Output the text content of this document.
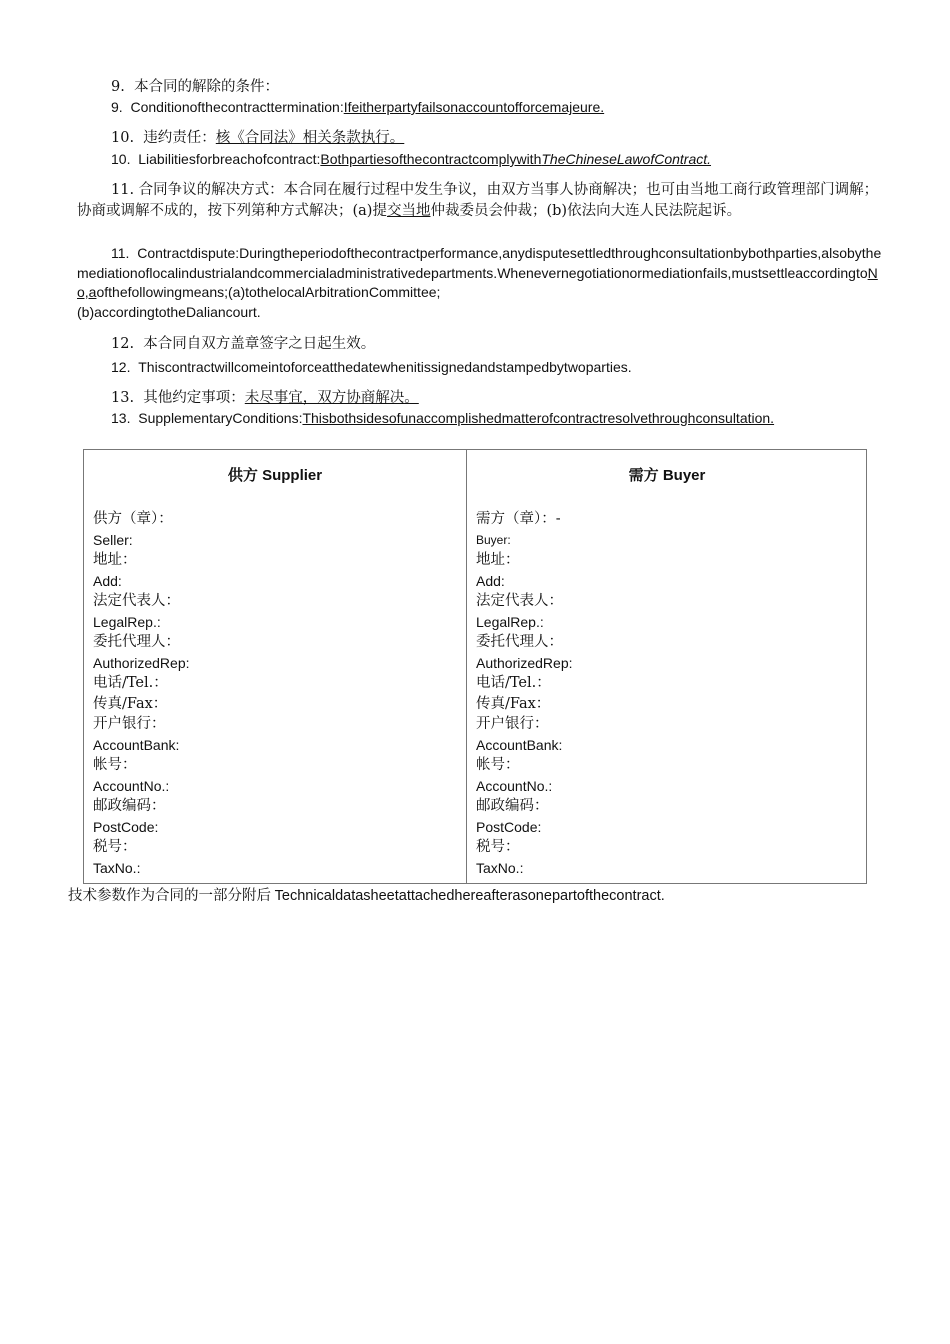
9. 本合同的解除的条件：
9. Conditionofthecontracttermination:Ifeitherpartyfailsonaccountofforcemajeure.
10. 违约责任：核《合同法》相关条款执行。
10. Liabilitiesforbreachofcontract:BothpartiesofthecontractcomplywithTheChineseLawofContract.
11. 合同争议的解决方式：本合同在履行过程中发生争议，由双方当事人协商解决；也可由当地工商行政管理部门调解；协商或调解不成的，按下列第种方式解决；(a)提交当地仲裁委员会仲裁；(b)依法向大连人民法院起诉。
11. Contractdispute:Duringtheperiodofthecontractperformance,anydisputesettledthroughconsultationbybothparties,alsobythemediationoflocalindustrialandcommercialadministrativedepartments.Whenevernegotiationormediationfails,mustsettleaccordingtoNo,aofthefollowingmeans;(a)tothelocalArbitrationCommittee;
(b)accordingtotheDaliancourt.
12. 本合同自双方盖章签字之日起生效。
12. Thiscontractwillcomeintoforceatthedatewhenitissignedandstampedbytwoparties.
13. 其他约定事项：未尽事宜，双方协商解决。
13. SupplementaryConditions:Thisbothsidesofunaccomplishedmatterofcontractresolvethroughconsultation.
供方 Supplier
供方（章）：
Seller:
地址：
Add:
法定代表人：
LegalRep.:
委托代理人：
AuthorizedRep:
电话/Tel.：
传真/Fax：
开户银行：
AccountBank:
帐号：
AccountNo.:
邮政编码：
PostCode:
税号：
TaxNo.:
需方 Buyer
需方（章）：-
Buyer:
地址：
Add:
法定代表人：
LegalRep.:
委托代理人：
AuthorizedRep:
电话/Tel.：
传真/Fax：
开户银行：
AccountBank:
帐号：
AccountNo.:
邮政编码：
PostCode:
税号：
TaxNo.:
技术参数作为合同的一部分附后 Technicaldatasheetattachedhereafterasonepartofthecontract.
